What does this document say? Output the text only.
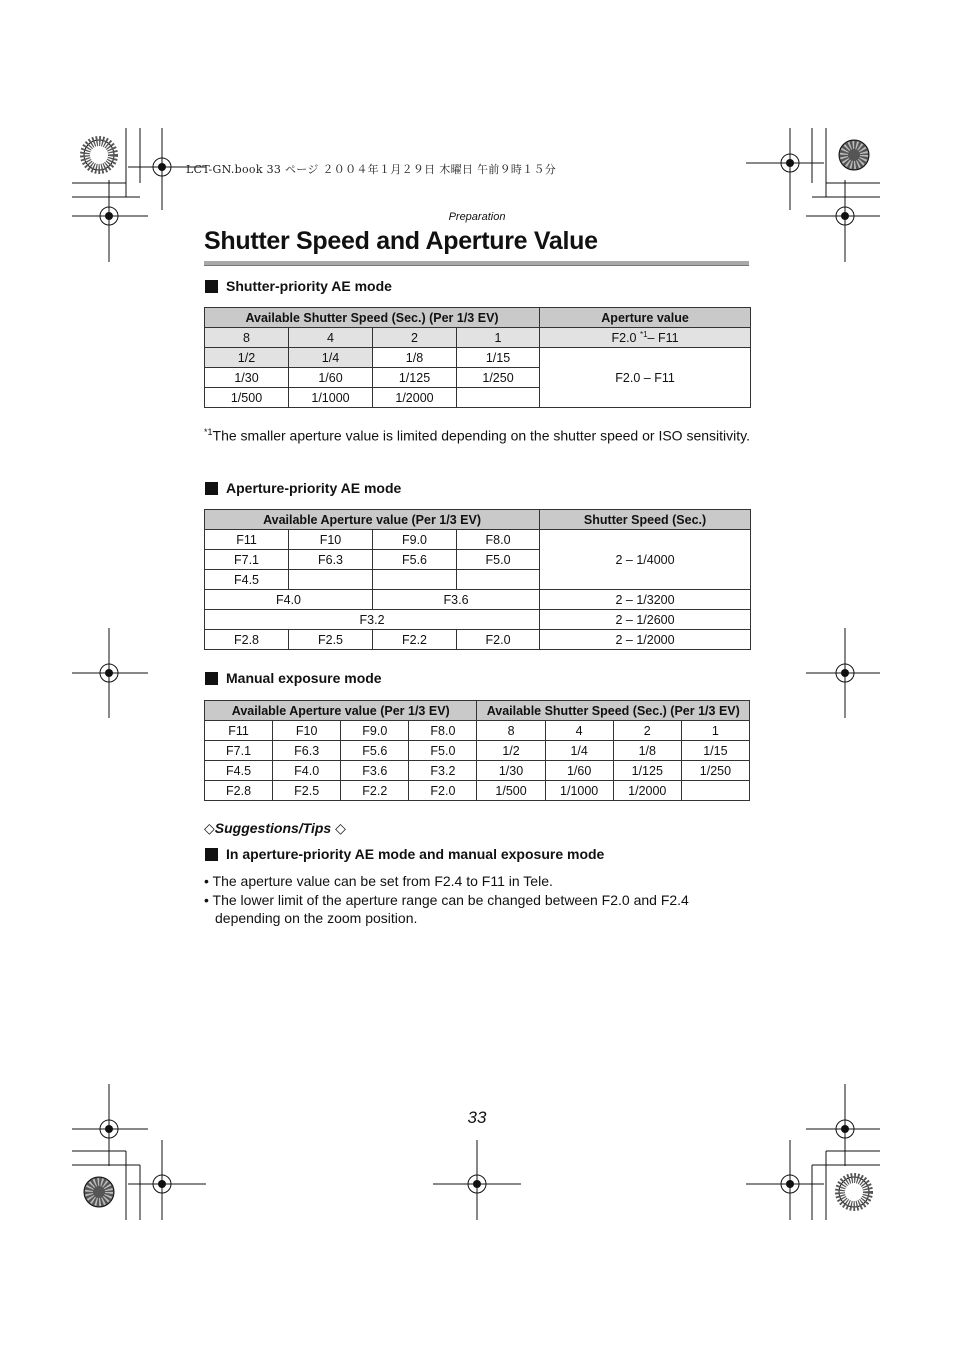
LCT-GN.book 33 ページ ２００４年１月２９日 木曜日 午前９時１５分
Preparation
Shutter Speed and Aperture Value
Shutter-priority AE mode
Available Shutter Speed (Sec.) (Per 1/3 EV)				Aperture value
8	4	2	1	F2.0 $^{*1}$– F11
1/2	1/4	1/8	1/15	F2.0 – F11
1/30	1/60	1/125	1/250	
1/500	1/1000	1/2000		
$^{*1}$The smaller aperture value is limited depending on the shutter speed or ISO sensitivity.
Aperture-priority AE mode
Available Aperture value (Per 1/3 EV)				Shutter Speed (Sec.)
F11	F10	F9.0	F8.0	2 – 1/4000
F7.1	F6.3	F5.6	F5.0	
F4.5				
F4.0		F3.6		2 – 1/3200
F3.2				2 – 1/2600
F2.8	F2.5	F2.2	F2.0	2 – 1/2000
Manual exposure mode
Available Aperture value (Per 1/3 EV)				Available Shutter Speed (Sec.) (Per 1/3 EV)			
F11	F10	F9.0	F8.0	8	4	2	1
F7.1	F6.3	F5.6	F5.0	1/2	1/4	1/8	1/15
F4.5	F4.0	F3.6	F3.2	1/30	1/60	1/125	1/250
F2.8	F2.5	F2.2	F2.0	1/500	1/1000	1/2000	
◇Suggestions/Tips ◇
In aperture-priority AE mode and manual exposure mode
• The aperture value can be set from F2.4 to F11 in Tele.
• The lower limit of the aperture range can be changed between F2.0 and F2.4 depending on the zoom position.
33
